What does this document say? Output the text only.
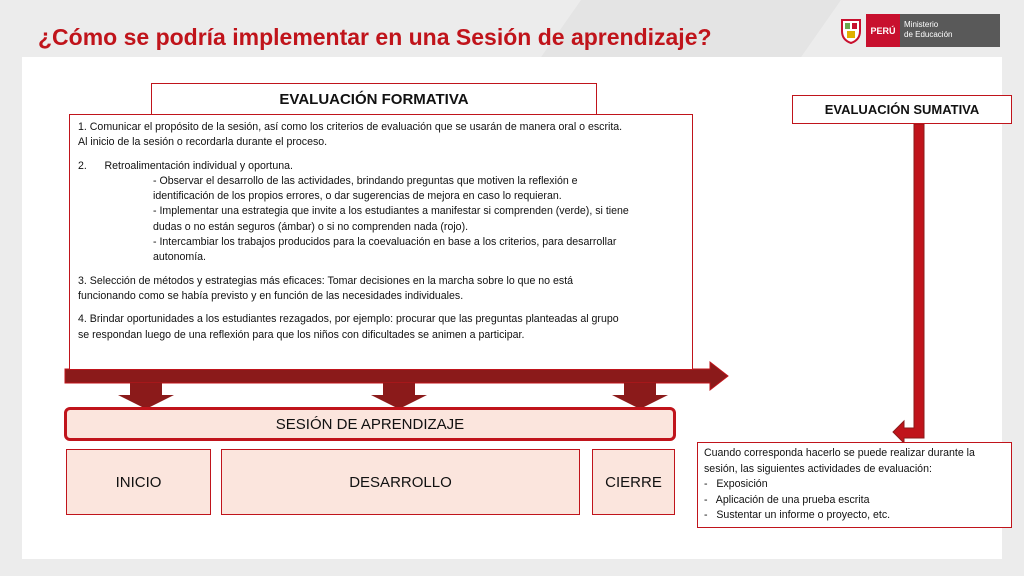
¿Cómo se podría implementar en una Sesión de aprendizaje?	PERÚ
Ministerio
de Educación
EVALUACIÓN FORMATIVA

1. Comunicar el propósito de la sesión, así como los criterios de evaluación que se usarán de manera oral o escrita.

Al inicio de la sesión o recordarla durante el proceso.

2.      Retroalimentación individual y oportuna.

- Observar el desarrollo de las actividades, brindando preguntas que motiven la reflexión e

identificación de los propios errores, o dar sugerencias de mejora en caso lo requieran.

- Implementar una estrategia que invite a los estudiantes a manifestar si comprenden (verde), si tiene

dudas o no están seguros (ámbar) o si no comprenden nada (rojo).

- Intercambiar los trabajos producidos para la coevaluación en base a los criterios, para desarrollar

autonomía.

3. Selección de métodos y estrategias más eficaces: Tomar decisiones en la marcha sobre lo que no está

funcionando como se había previsto y en función de las necesidades individuales.

4. Brindar oportunidades a los estudiantes rezagados, por ejemplo: procurar que las preguntas planteadas al grupo

se respondan luego de una reflexión para que los niños con dificultades se animen a participar.

EVALUACIÓN SUMATIVA
SESIÓN DE APRENDIZAJE
INICIO	DESARROLLO	CIERRE

Cuando corresponda hacerlo se puede realizar durante la sesión, las siguientes actividades de evaluación:

-   Exposición

-   Aplicación de una prueba escrita

-   Sustentar un informe o proyecto, etc.
